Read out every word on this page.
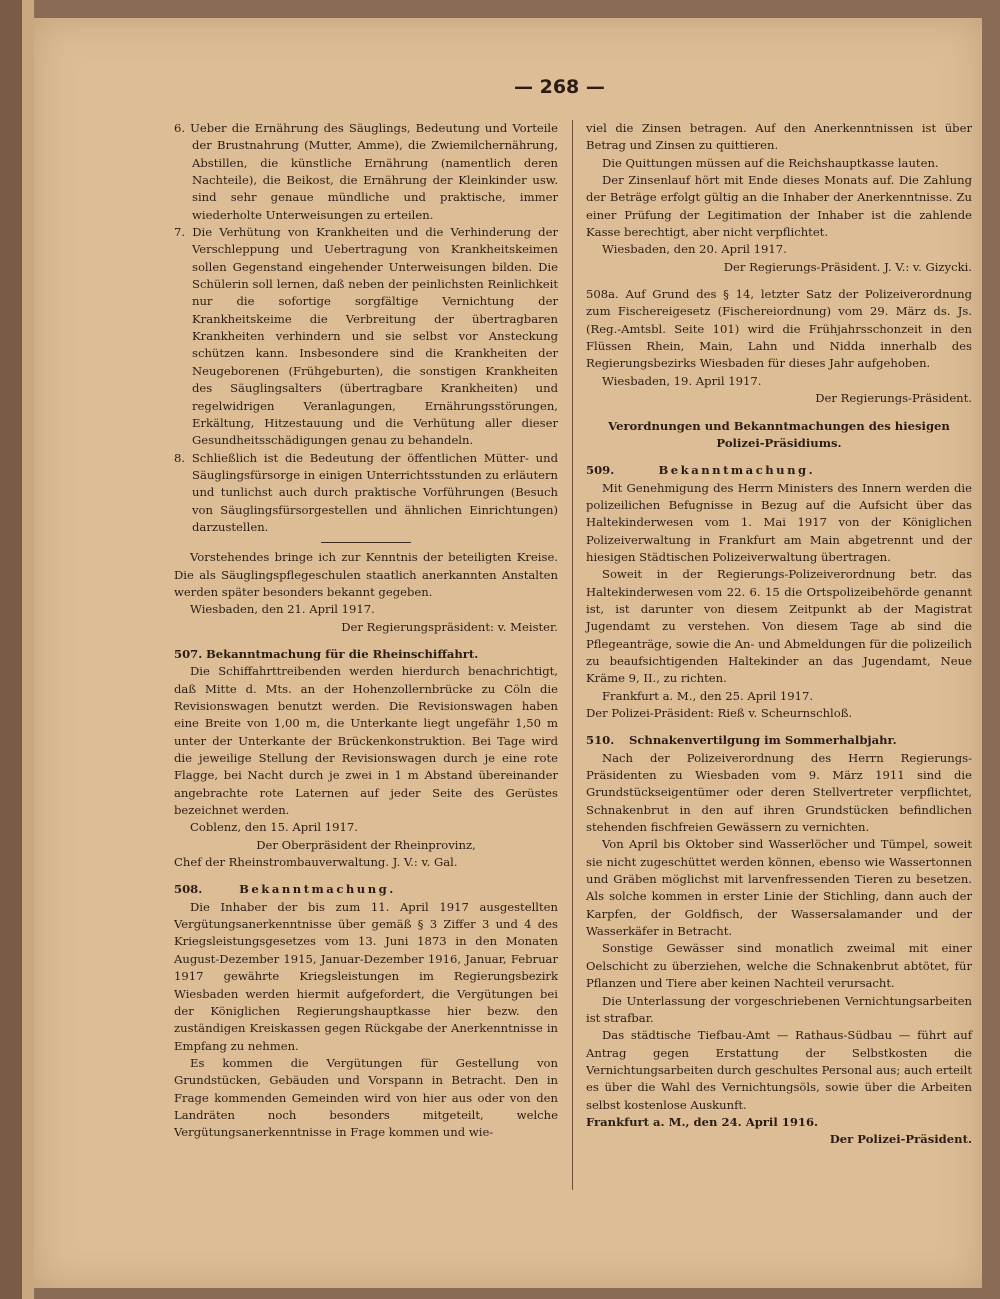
— 268 —

6. Ueber die Ernährung des Säuglings, Bedeutung und Vorteile der Brustnahrung (Mutter, Amme), die Zwiemilchernährung, Abstillen, die künstliche Ernährung (namentlich deren Nachteile), die Beikost, die Ernährung der Kleinkinder usw. sind sehr genaue mündliche und praktische, immer wiederholte Unterweisungen zu erteilen.

7. Die Verhütung von Krankheiten und die Verhinderung der Verschleppung und Uebertragung von Krankheitskeimen sollen Gegenstand eingehender Unterweisungen bilden. Die Schülerin soll lernen, daß neben der peinlichsten Reinlichkeit nur die sofortige sorgfältige Vernichtung der Krankheitskeime die Verbreitung der übertragbaren Krankheiten verhindern und sie selbst vor Ansteckung schützen kann. Insbesondere sind die Krankheiten der Neugeborenen (Frühgeburten), die sonstigen Krankheiten des Säuglingsalters (übertragbare Krankheiten) und regelwidrigen Veranlagungen, Ernährungsstörungen, Erkältung, Hitzestauung und die Verhütung aller dieser Gesundheitsschädigungen genau zu behandeln.

8. Schließlich ist die Bedeutung der öffentlichen Mütter- und Säuglingsfürsorge in einigen Unterrichtsstunden zu erläutern und tunlichst auch durch praktische Vorführungen (Besuch von Säuglingsfürsorgestellen und ähnlichen Einrichtungen) darzustellen.

Vorstehendes bringe ich zur Kenntnis der beteiligten Kreise. Die als Säuglingspflegeschulen staatlich anerkannten Anstalten werden später besonders bekannt gegeben.

Wiesbaden, den 21. April 1917.

Der Regierungspräsident: v. Meister.

507. Bekanntmachung für die Rheinschiffahrt.

Die Schiffahrttreibenden werden hierdurch benachrichtigt, daß Mitte d. Mts. an der Hohenzollernbrücke zu Cöln die Revisionswagen benutzt werden. Die Revisionswagen haben eine Breite von 1,00 m, die Unterkante liegt ungefähr 1,50 m unter der Unterkante der Brückenkonstruktion. Bei Tage wird die jeweilige Stellung der Revisionswagen durch je eine rote Flagge, bei Nacht durch je zwei in 1 m Abstand übereinander angebrachte rote Laternen auf jeder Seite des Gerüstes bezeichnet werden.

Coblenz, den 15. April 1917.

Der Oberpräsident der Rheinprovinz,

Chef der Rheinstrombauverwaltung. J. V.: v. Gal.

508.	Bekanntmachung.

Die Inhaber der bis zum 11. April 1917 ausgestellten Vergütungsanerkenntnisse über gemäß § 3 Ziffer 3 und 4 des Kriegsleistungsgesetzes vom 13. Juni 1873 in den Monaten August-Dezember 1915, Januar-Dezember 1916, Januar, Februar 1917 gewährte Kriegsleistungen im Regierungsbezirk Wiesbaden werden hiermit aufgefordert, die Vergütungen bei der Königlichen Regierungshauptkasse hier bezw. den zuständigen Kreiskassen gegen Rückgabe der Anerkenntnisse in Empfang zu nehmen.

Es kommen die Vergütungen für Gestellung von Grundstücken, Gebäuden und Vorspann in Betracht. Den in Frage kommenden Gemeinden wird von hier aus oder von den Landräten noch besonders mitgeteilt, welche Vergütungsanerkenntnisse in Frage kommen und wie-

viel die Zinsen betragen. Auf den Anerkenntnissen ist über Betrag und Zinsen zu quittieren.

Die Quittungen müssen auf die Reichshauptkasse lauten.

Der Zinsenlauf hört mit Ende dieses Monats auf. Die Zahlung der Beträge erfolgt gültig an die Inhaber der Anerkenntnisse. Zu einer Prüfung der Legitimation der Inhaber ist die zahlende Kasse berechtigt, aber nicht verpflichtet.

Wiesbaden, den 20. April 1917.

Der Regierungs-Präsident. J. V.: v. Gizycki.

508a. Auf Grund des § 14, letzter Satz der Polizeiverordnung zum Fischereigesetz (Fischereiordnung) vom 29. März ds. Js. (Reg.-Amtsbl. Seite 101) wird die Frühjahrsschonzeit in den Flüssen Rhein, Main, Lahn und Nidda innerhalb des Regierungsbezirks Wiesbaden für dieses Jahr aufgehoben.

Wiesbaden, 19. April 1917.

Der Regierungs-Präsident.

Verordnungen und Bekanntmachungen des hiesigen

Polizei-Präsidiums.

509.	Bekanntmachung.

Mit Genehmigung des Herrn Ministers des Innern werden die polizeilichen Befugnisse in Bezug auf die Aufsicht über das Haltekinderwesen vom 1. Mai 1917 von der Königlichen Polizeiverwaltung in Frankfurt am Main abgetrennt und der hiesigen Städtischen Polizeiverwaltung übertragen.

Soweit in der Regierungs-Polizeiverordnung betr. das Haltekinderwesen vom 22. 6. 15 die Ortspolizeibehörde genannt ist, ist darunter von diesem Zeitpunkt ab der Magistrat Jugendamt zu verstehen. Von diesem Tage ab sind die Pflegeanträge, sowie die An- und Abmeldungen für die polizeilich zu beaufsichtigenden Haltekinder an das Jugendamt, Neue Kräme 9, II., zu richten.

Frankfurt a. M., den 25. April 1917.

Der Polizei-Präsident: Rieß v. Scheurnschloß.

510. Schnakenvertilgung im Sommerhalbjahr.

Nach der Polizeiverordnung des Herrn Regierungs-Präsidenten zu Wiesbaden vom 9. März 1911 sind die Grundstückseigentümer oder deren Stellvertreter verpflichtet, Schnakenbrut in den auf ihren Grundstücken befindlichen stehenden fischfreien Gewässern zu vernichten.

Von April bis Oktober sind Wasserlöcher und Tümpel, soweit sie nicht zugeschüttet werden können, ebenso wie Wassertonnen und Gräben möglichst mit larvenfressenden Tieren zu besetzen. Als solche kommen in erster Linie der Stichling, dann auch der Karpfen, der Goldfisch, der Wassersalamander und der Wasserkäfer in Betracht.

Sonstige Gewässer sind monatlich zweimal mit einer Oelschicht zu überziehen, welche die Schnakenbrut abtötet, für Pflanzen und Tiere aber keinen Nachteil verursacht.

Die Unterlassung der vorgeschriebenen Vernichtungsarbeiten ist strafbar.

Das städtische Tiefbau-Amt — Rathaus-Südbau — führt auf Antrag gegen Erstattung der Selbstkosten die Vernichtungsarbeiten durch geschultes Personal aus; auch erteilt es über die Wahl des Vernichtungsöls, sowie über die Arbeiten selbst kostenlose Auskunft.

Frankfurt a. M., den 24. April 1916.

Der Polizei-Präsident.
